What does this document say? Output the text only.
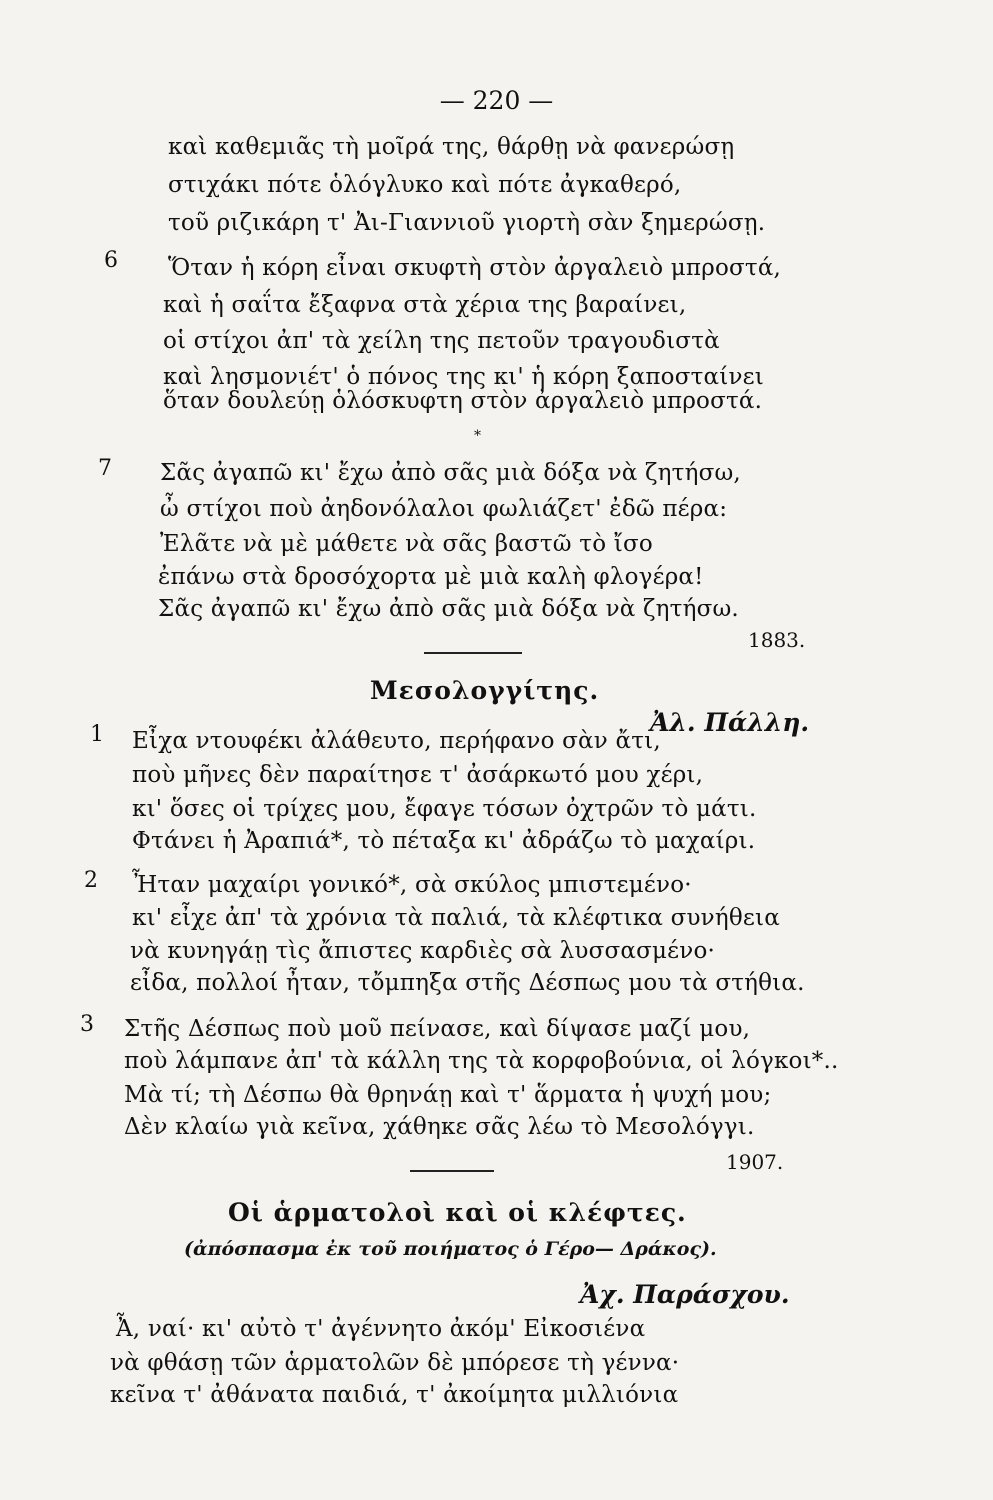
— 220 —
καὶ καθεμιᾶς τὴ μοῖρά της, θάρθῃ νὰ φανερώσῃ
στιχάκι πότε ὁλόγλυκο καὶ πότε ἀγκαθερό,
τοῦ ριζικάρη τ' Ἀι-Γιαννιοῦ γιορτὴ σὰν ξημερώσῃ.
6 Ὅταν ἡ κόρη εἶναι σκυφτὴ στὸν ἀργαλειὸ μπροστά,
καὶ ἡ σαΐτα ἔξαφνα στὰ χέρια της βαραίνει,
οἱ στίχοι ἀπ' τὰ χείλη της πετοῦν τραγουδιστὰ
καὶ λησμονιέτ' ὁ πόνος της κι' ἡ κόρη ξαποσταίνει
ὅταν δουλεύῃ ὁλόσκυφτη στὸν ἀργαλειὸ μπροστά.
*
7 Σᾶς ἀγαπῶ κι' ἔχω ἀπὸ σᾶς μιὰ δόξα νὰ ζητήσω,
ὦ στίχοι ποὺ ἀηδονόλαλοι φωλιάζετ' ἐδῶ πέρα:
Ἐλᾶτε νὰ μὲ μάθετε νὰ σᾶς βαστῶ τὸ ἴσο
ἐπάνω στὰ δροσόχορτα μὲ μιὰ καλὴ φλογέρα!
Σᾶς ἀγαπῶ κι' ἔχω ἀπὸ σᾶς μιὰ δόξα νὰ ζητήσω.
1883.
Μεσολογγίτης.
Ἀλ. Πάλλη.
1 Εἶχα ντουφέκι ἀλάθευτο, περήφανο σὰν ἄτι,
ποὺ μῆνες δὲν παραίτησε τ' ἀσάρκωτό μου χέρι,
κι' ὅσες οἱ τρίχες μου, ἔφαγε τόσων ὀχτρῶν τὸ μάτι.
Φτάνει ἡ Ἀραπιά*, τὸ πέταξα κι' ἀδράζω τὸ μαχαίρι.
2 Ἦταν μαχαίρι γονικό*, σὰ σκύλος μπιστεμένο·
κι' εἶχε ἀπ' τὰ χρόνια τὰ παλιά, τὰ κλέφτικα συνήθεια
νὰ κυνηγάῃ τὶς ἄπιστες καρδιὲς σὰ λυσσασμένο·
εἶδα, πολλοί ἦταν, τὄμπηξα στῆς Δέσπως μου τὰ στήθια.
3 Στῆς Δέσπως ποὺ μοῦ πείνασε, καὶ δίψασε μαζί μου,
ποὺ λάμπανε ἀπ' τὰ κάλλη της τὰ κορφοβούνια, οἱ λόγκοι*..
Μὰ τί; τὴ Δέσπω θὰ θρηνάῃ καὶ τ' ἅρματα ἡ ψυχή μου;
Δὲν κλαίω γιὰ κεῖνα, χάθηκε σᾶς λέω τὸ Μεσολόγγι.
1907.
Οἱ ἁρματολοὶ καὶ οἱ κλέφτες.
(ἀπόσπασμα ἐκ τοῦ ποιήματος ὁ Γέρο— Δράκος).
Ἀχ. Παράσχου.
Ἆ, ναί· κι' αὐτὸ τ' ἀγέννητο ἀκόμ' Εἰκοσιένα
νὰ φθάσῃ τῶν ἁρματολῶν δὲ μπόρεσε τὴ γέννα·
κεῖνα τ' ἀθάνατα παιδιά, τ' ἀκοίμητα μιλλιόνια
